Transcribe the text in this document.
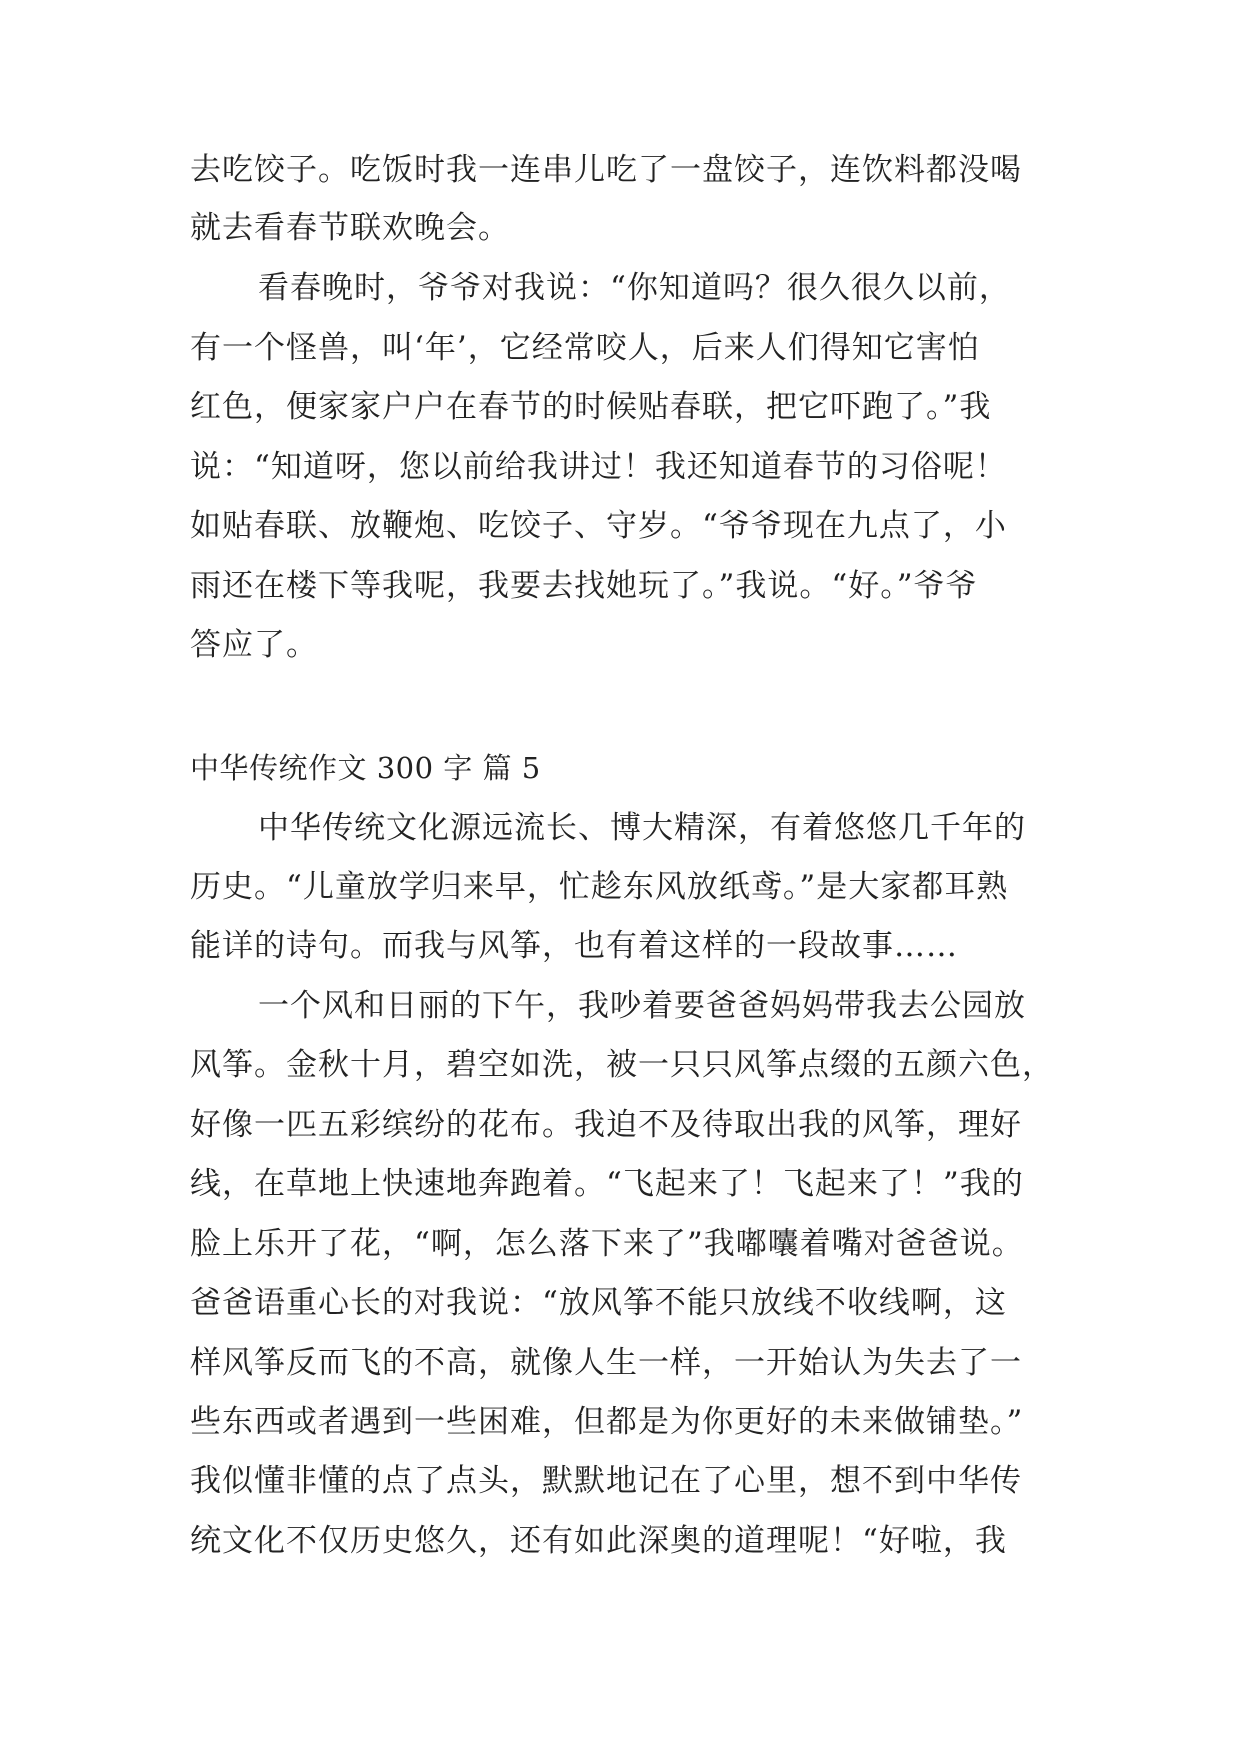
去吃饺子。吃饭时我一连串儿吃了一盘饺子，连饮料都没喝
就去看春节联欢晚会。
看春晚时，爷爷对我说：“你知道吗？很久很久以前，
有一个怪兽，叫‘年’，它经常咬人，后来人们得知它害怕
红色，便家家户户在春节的时候贴春联，把它吓跑了。”我
说：“知道呀，您以前给我讲过！我还知道春节的习俗呢！
如贴春联、放鞭炮、吃饺子、守岁。“爷爷现在九点了，小
雨还在楼下等我呢，我要去找她玩了。”我说。“好。”爷爷
答应了。
中华传统作文 300 字 篇 5
中华传统文化源远流长、博大精深，有着悠悠几千年的
历史。“儿童放学归来早，忙趁东风放纸鸢。”是大家都耳熟
能详的诗句。而我与风筝，也有着这样的一段故事……
一个风和日丽的下午，我吵着要爸爸妈妈带我去公园放
风筝。金秋十月，碧空如洗，被一只只风筝点缀的五颜六色，
好像一匹五彩缤纷的花布。我迫不及待取出我的风筝，理好
线，在草地上快速地奔跑着。“飞起来了！飞起来了！”我的
脸上乐开了花，“啊，怎么落下来了”我嘟囔着嘴对爸爸说。
爸爸语重心长的对我说：“放风筝不能只放线不收线啊，这
样风筝反而飞的不高，就像人生一样，一开始认为失去了一
些东西或者遇到一些困难，但都是为你更好的未来做铺垫。”
我似懂非懂的点了点头，默默地记在了心里，想不到中华传
统文化不仅历史悠久，还有如此深奥的道理呢！“好啦，我
